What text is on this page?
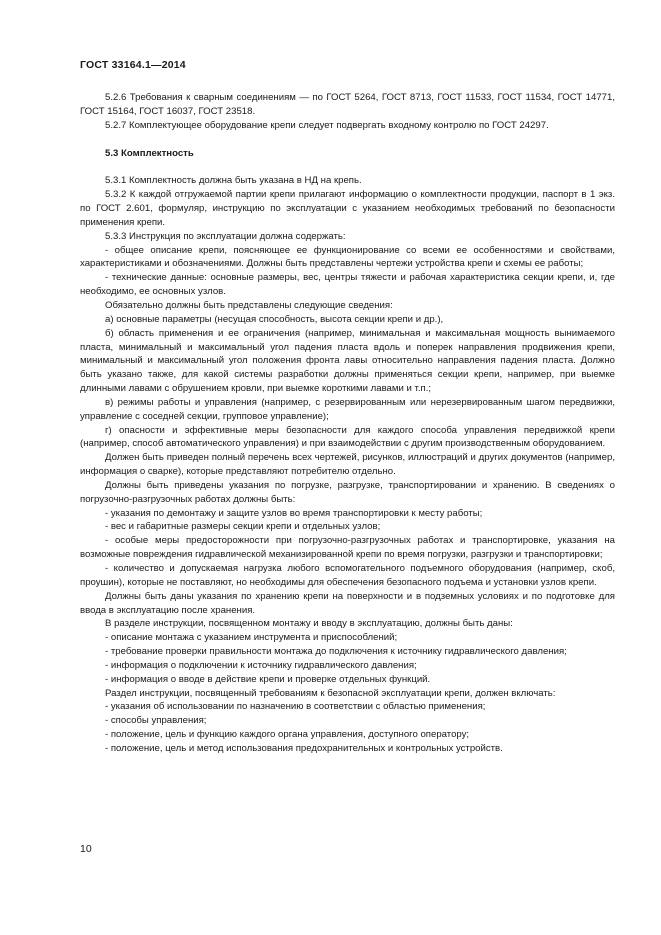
ГОСТ 33164.1—2014

5.2.6 Требования к сварным соединениям — по ГОСТ 5264, ГОСТ 8713, ГОСТ 11533, ГОСТ 11534, ГОСТ 14771, ГОСТ 15164, ГОСТ 16037, ГОСТ 23518.

5.2.7 Комплектующее оборудование крепи следует подвергать входному контролю по ГОСТ 24297.

5.3 Комплектность

5.3.1 Комплектность должна быть указана в НД на крепь.

5.3.2 К каждой отгружаемой партии крепи прилагают информацию о комплектности продукции, паспорт в 1 экз. по ГОСТ 2.601, формуляр, инструкцию по эксплуатации с указанием необходимых требований по безопасности применения крепи.

5.3.3 Инструкция по эксплуатации должна содержать:

- общее описание крепи, поясняющее ее функционирование со всеми ее особенностями и свойствами, характеристиками и обозначениями. Должны быть представлены чертежи устройства крепи и схемы ее работы;

- технические данные: основные размеры, вес, центры тяжести и рабочая характеристика секции крепи, и, где необходимо, ее основных узлов.

Обязательно должны быть представлены следующие сведения:

а) основные параметры (несущая способность, высота секции крепи и др.),

б) область применения и ее ограничения (например, минимальная и максимальная мощность вынимаемого пласта, минимальный и максимальный угол падения пласта вдоль и поперек направления продвижения крепи, минимальный и максимальный угол положения фронта лавы относительно направления падения пласта. Должно быть указано также, для какой системы разработки должны применяться секции крепи, например, при выемке длинными лавами с обрушением кровли, при выемке короткими лавами и т.п.;

в) режимы работы и управления (например, с резервированным или нерезервированным шагом передвижки, управление с соседней секции, групповое управление);

г) опасности и эффективные меры безопасности для каждого способа управления передвижкой крепи (например, способ автоматического управления) и при взаимодействии с другим производственным оборудованием.

Должен быть приведен полный перечень всех чертежей, рисунков, иллюстраций и других документов (например, информация о сварке), которые представляют потребителю отдельно.

Должны быть приведены указания по погрузке, разгрузке, транспортировании и хранению. В сведениях о погрузочно-разгрузочных работах должны быть:

- указания по демонтажу и защите узлов во время транспортировки к месту работы;

- вес и габаритные размеры секции крепи и отдельных узлов;

- особые меры предосторожности при погрузочно-разгрузочных работах и транспортировке, указания на возможные повреждения гидравлической механизированной крепи по время погрузки, разгрузки и транспортировки;

- количество и допускаемая нагрузка любого вспомогательного подъемного оборудования (например, скоб, проушин), которые не поставляют, но необходимы для обеспечения безопасного подъема и установки узлов крепи.

Должны быть даны указания по хранению крепи на поверхности и в подземных условиях и по подготовке для ввода в эксплуатацию после хранения.

В разделе инструкции, посвященном монтажу и вводу в эксплуатацию, должны быть даны:

- описание монтажа с указанием инструмента и приспособлений;

- требование проверки правильности монтажа до подключения к источнику гидравлического давления;

- информация о подключении к источнику гидравлического давления;

- информация о вводе в действие крепи и проверке отдельных функций.

Раздел инструкции, посвященный требованиям к безопасной эксплуатации крепи, должен включать:

- указания об использовании по назначению в соответствии с областью применения;

- способы управления;

- положение, цель и функцию каждого органа управления, доступного оператору;

- положение, цель и метод использования предохранительных и контрольных устройств.

10
